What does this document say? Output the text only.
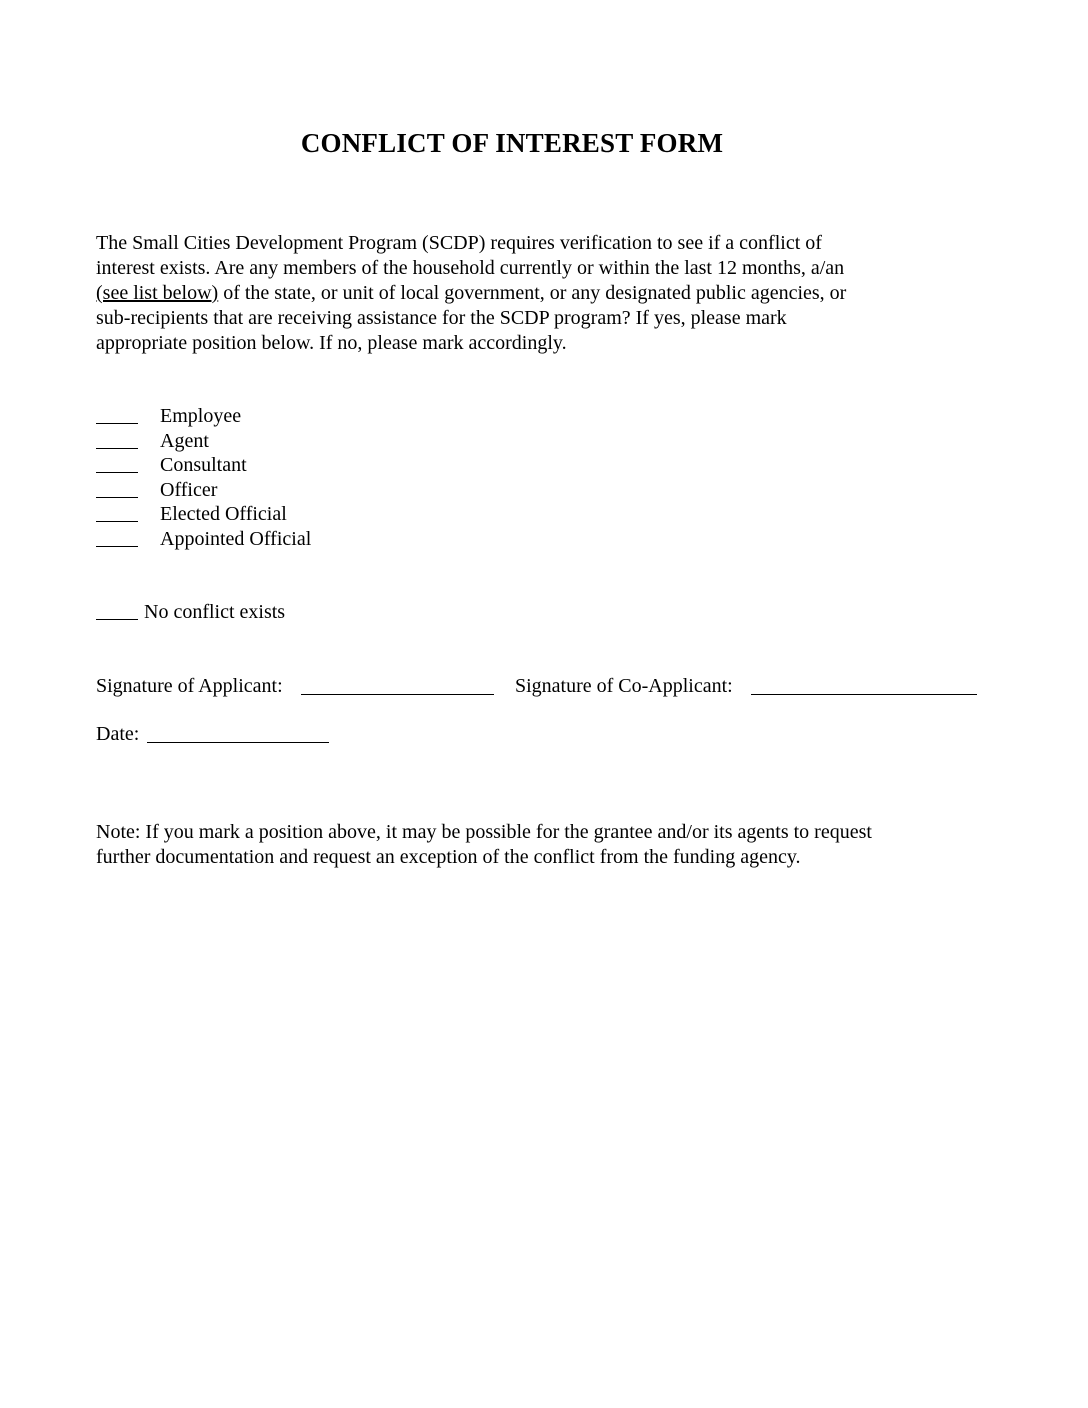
CONFLICT OF INTEREST FORM
The Small Cities Development Program (SCDP) requires verification to see if a conflict of
interest exists. Are any members of the household currently or within the last 12 months, a/an
(see list below) of the state, or unit of local government, or any designated public agencies, or
sub-recipients that are receiving assistance for the SCDP program? If yes, please mark
appropriate position below. If no, please mark accordingly.
Employee
Agent
Consultant
Officer
Elected Official
Appointed Official
No conflict exists
Signature of Applicant:	Signature of Co-Applicant:
Date:
Note: If you mark a position above, it may be possible for the grantee and/or its agents to request
further documentation and request an exception of the conflict from the funding agency.
